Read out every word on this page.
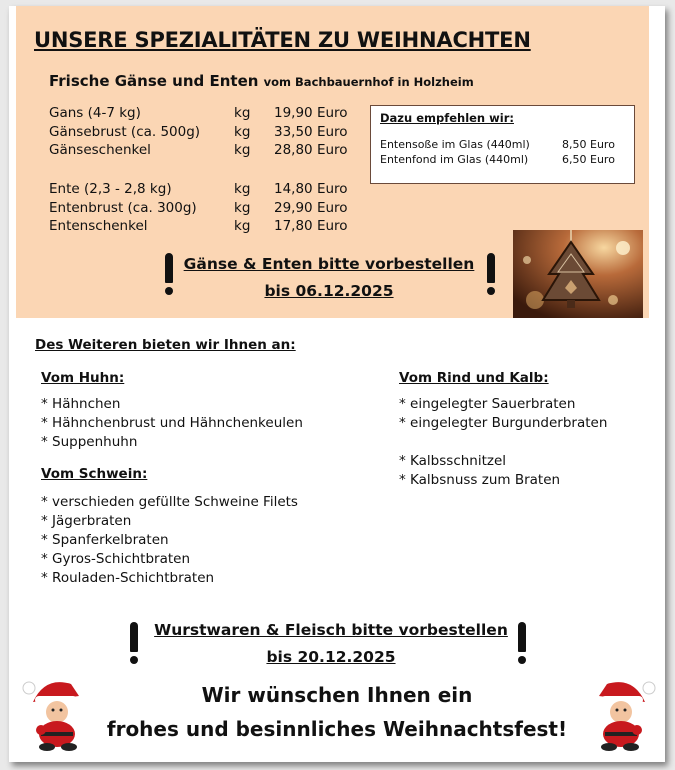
UNSERE SPEZIALITÄTEN ZU WEIHNACHTEN
Frische Gänse und Enten vom Bachbauernhof in Holzheim
Gans (4-7 kg)	kg 19,90 Euro
Gänsebrust (ca. 500g)	kg 33,50 Euro
Gänseschenkel	kg 28,80 Euro
Ente (2,3 - 2,8 kg)	kg 14,80 Euro
Entenbrust (ca. 300g)	kg 29,90 Euro
Entenschenkel	kg 17,80 Euro
Dazu empfehlen wir:
Entensoße im Glas (440ml)	8,50 Euro
Entenfond im Glas (440ml)	6,50 Euro
Gänse & Enten bitte vorbestellen
bis 06.12.2025
Des Weiteren bieten wir Ihnen an:
Vom Huhn:
* Hähnchen
* Hähnchenbrust und Hähnchenkeulen
* Suppenhuhn
Vom Schwein:
* verschieden gefüllte Schweine Filets
* Jägerbraten
* Spanferkelbraten
* Gyros-Schichtbraten
* Rouladen-Schichtbraten
Vom Rind und Kalb:
* eingelegter Sauerbraten
* eingelegter Burgunderbraten
* Kalbsschnitzel
* Kalbsnuss zum Braten
Wurstwaren & Fleisch bitte vorbestellen
bis 20.12.2025
Wir wünschen Ihnen ein
frohes und besinnliches Weihnachtsfest!
